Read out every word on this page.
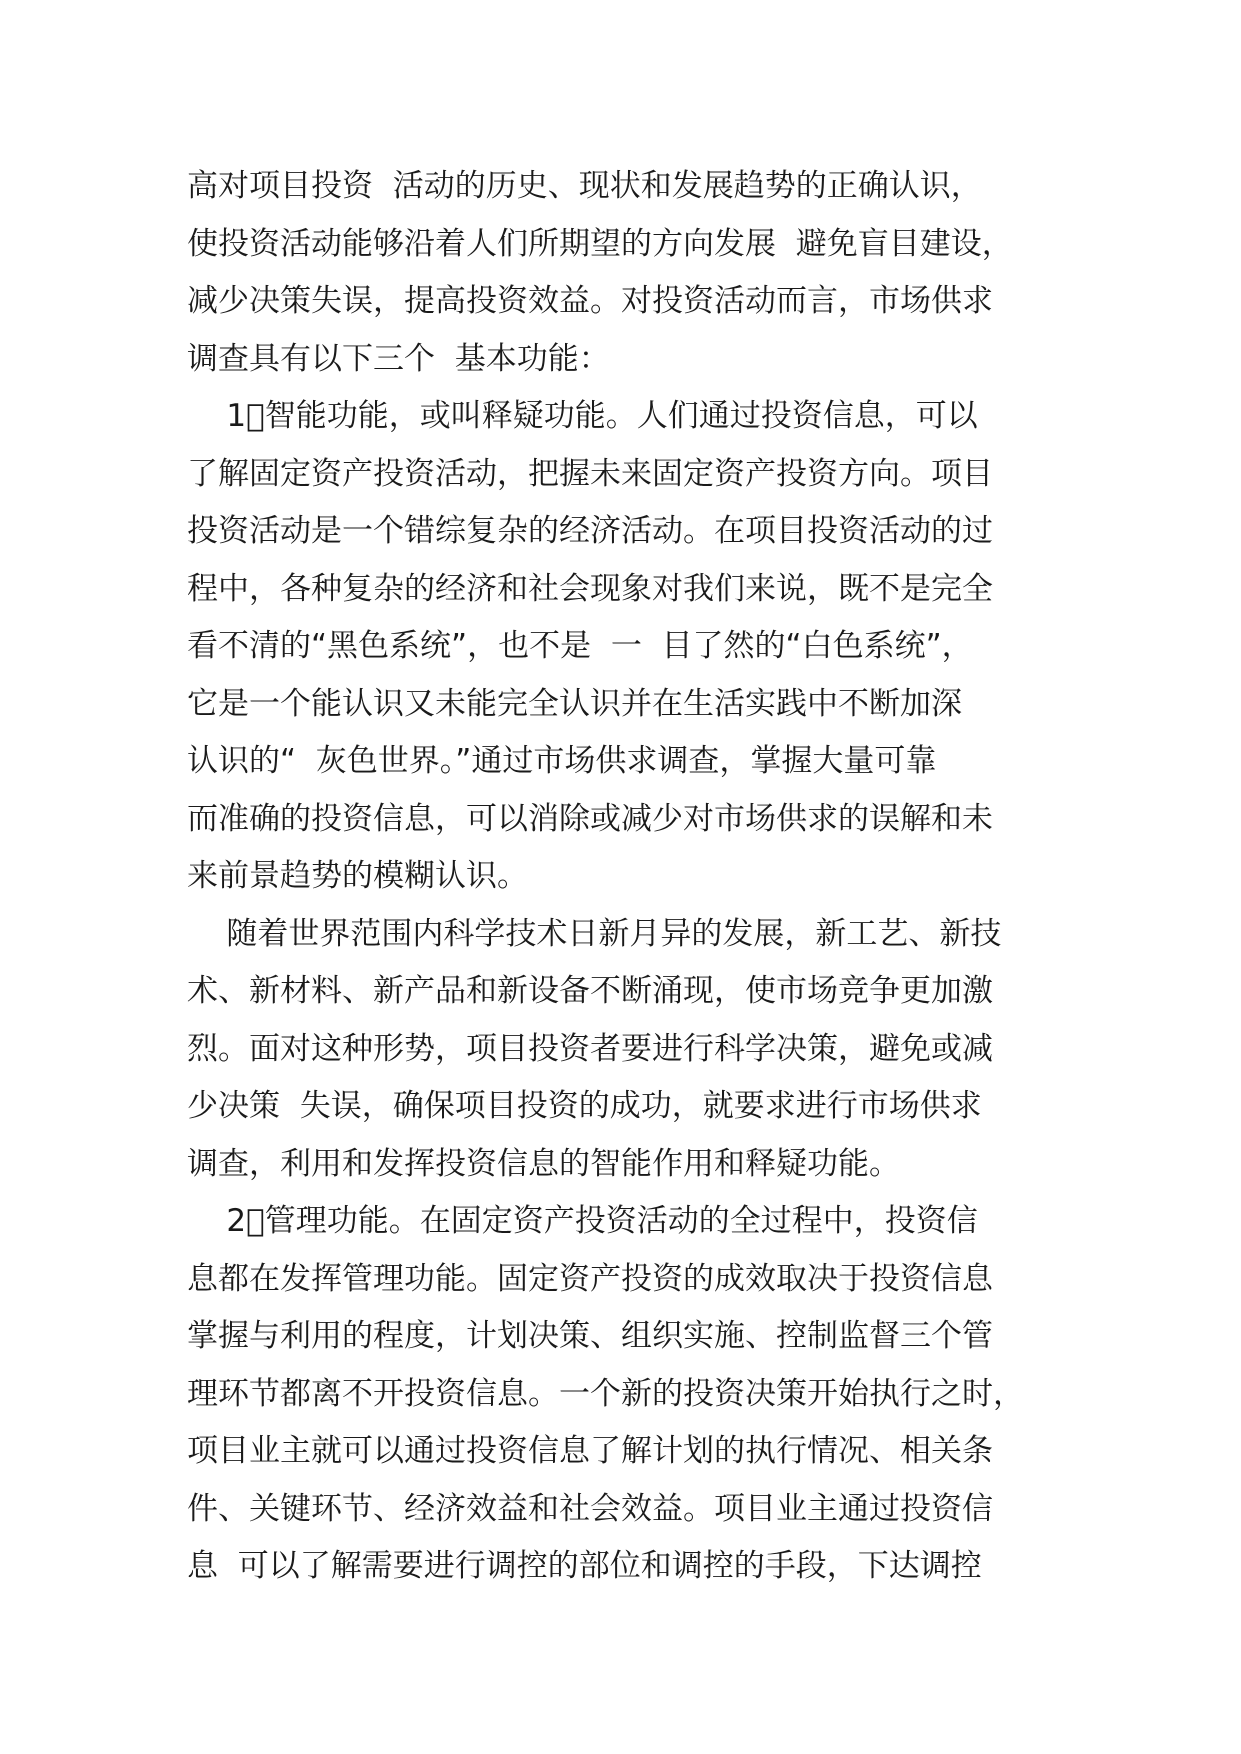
高对项目投资  活动的历史、现状和发展趋势的正确认识，
使投资活动能够沿着人们所期望的方向发展  避免盲目建设，
减少决策失误，提高投资效益。对投资活动而言，市场供求
调查具有以下三个  基本功能：
1 智能功能，或叫释疑功能。人们通过投资信息，可以
了解固定资产投资活动，把握未来固定资产投资方向。项目
投资活动是一个错综复杂的经济活动。在项目投资活动的过
程中，各种复杂的经济和社会现象对我们来说，既不是完全
看不清的“黑色系统”，也不是  一  目了然的“白色系统”，
它是一个能认识又未能完全认识并在生活实践中不断加深
认识的“  灰色世界。”通过市场供求调查，掌握大量可靠
而准确的投资信息，可以消除或减少对市场供求的误解和未
来前景趋势的模糊认识。
随着世界范围内科学技术日新月异的发展，新工艺、新技
术、新材料、新产品和新设备不断涌现，使市场竞争更加激
烈。面对这种形势，项目投资者要进行科学决策，避免或减
少决策  失误，确保项目投资的成功，就要求进行市场供求
调查，利用和发挥投资信息的智能作用和释疑功能。
2 管理功能。在固定资产投资活动的全过程中，投资信
息都在发挥管理功能。固定资产投资的成效取决于投资信息
掌握与利用的程度，计划决策、组织实施、控制监督三个管
理环节都离不开投资信息。一个新的投资决策开始执行之时，
项目业主就可以通过投资信息了解计划的执行情况、相关条
件、关键环节、经济效益和社会效益。项目业主通过投资信
息  可以了解需要进行调控的部位和调控的手段，下达调控
